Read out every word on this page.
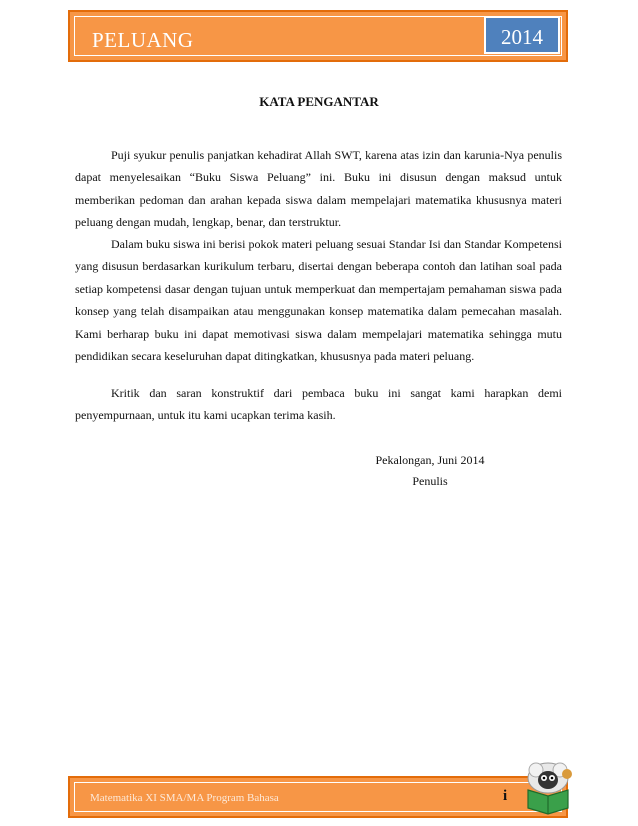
PELUANG	2014
KATA PENGANTAR
Puji syukur penulis panjatkan kehadirat Allah SWT, karena atas izin dan karunia-Nya penulis dapat menyelesaikan “Buku Siswa Peluang” ini. Buku ini disusun dengan maksud untuk memberikan pedoman dan arahan kepada siswa dalam mempelajari matematika khususnya materi peluang dengan mudah, lengkap, benar, dan terstruktur.
Dalam buku siswa ini berisi pokok materi peluang sesuai Standar Isi dan Standar Kompetensi yang disusun berdasarkan kurikulum terbaru, disertai dengan beberapa contoh dan latihan soal pada setiap kompetensi dasar dengan tujuan untuk memperkuat dan mempertajam pemahaman siswa pada konsep yang telah disampaikan atau menggunakan konsep matematika dalam pemecahan masalah. Kami berharap buku ini dapat memotivasi siswa dalam mempelajari matematika sehingga mutu pendidikan secara keseluruhan dapat ditingkatkan, khususnya pada materi peluang.
Kritik dan saran konstruktif dari pembaca buku ini sangat kami harapkan demi penyempurnaan, untuk itu kami ucapkan terima kasih.
Pekalongan, Juni 2014
Penulis
Matematika XI SMA/MA Program Bahasa	i
